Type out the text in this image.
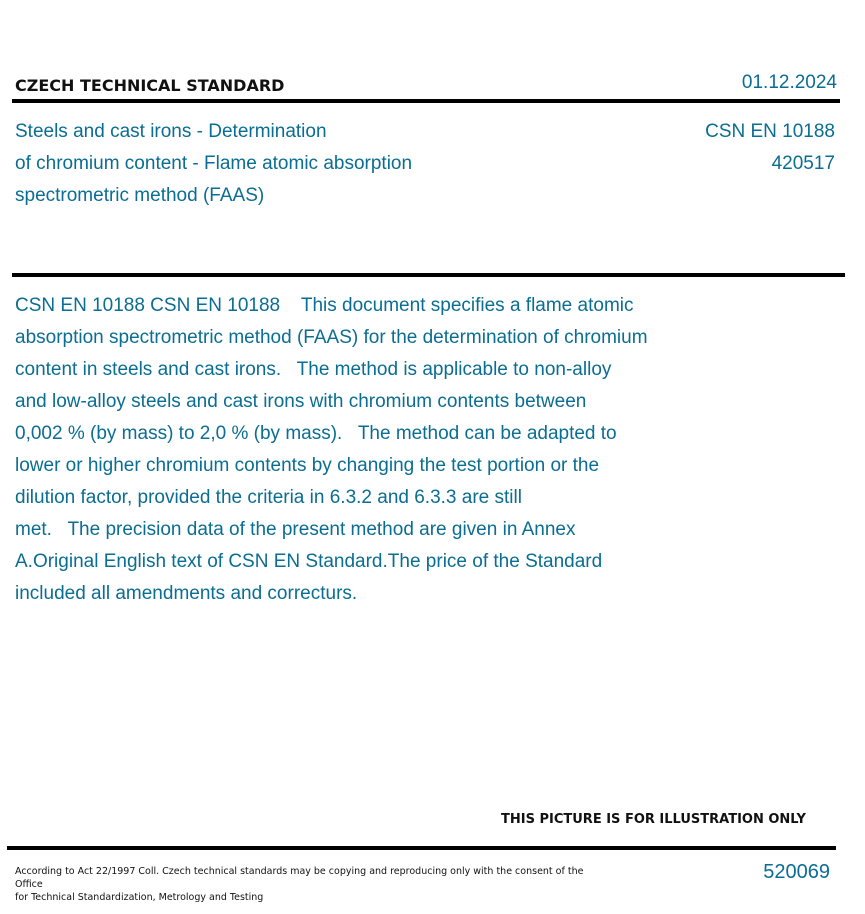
CZECH TECHNICAL STANDARD	01.12.2024
Steels and cast irons - Determination
of chromium content - Flame atomic absorption
spectrometric method (FAAS)
CSN EN 10188
420517
CSN EN 10188 CSN EN 10188    This document specifies a flame atomic
absorption spectrometric method (FAAS) for the determination of chromium
content in steels and cast irons.   The method is applicable to non-alloy
and low-alloy steels and cast irons with chromium contents between
0,002 % (by mass) to 2,0 % (by mass).   The method can be adapted to
lower or higher chromium contents by changing the test portion or the
dilution factor, provided the criteria in 6.3.2 and 6.3.3 are still
met.   The precision data of the present method are given in Annex
A.Original English text of CSN EN Standard.The price of the Standard
included all amendments and correcturs.
THIS PICTURE IS FOR ILLUSTRATION ONLY
According to Act 22/1997 Coll. Czech technical standards may be copying and reproducing only with the consent of the Office
for Technical Standardization, Metrology and Testing
520069
